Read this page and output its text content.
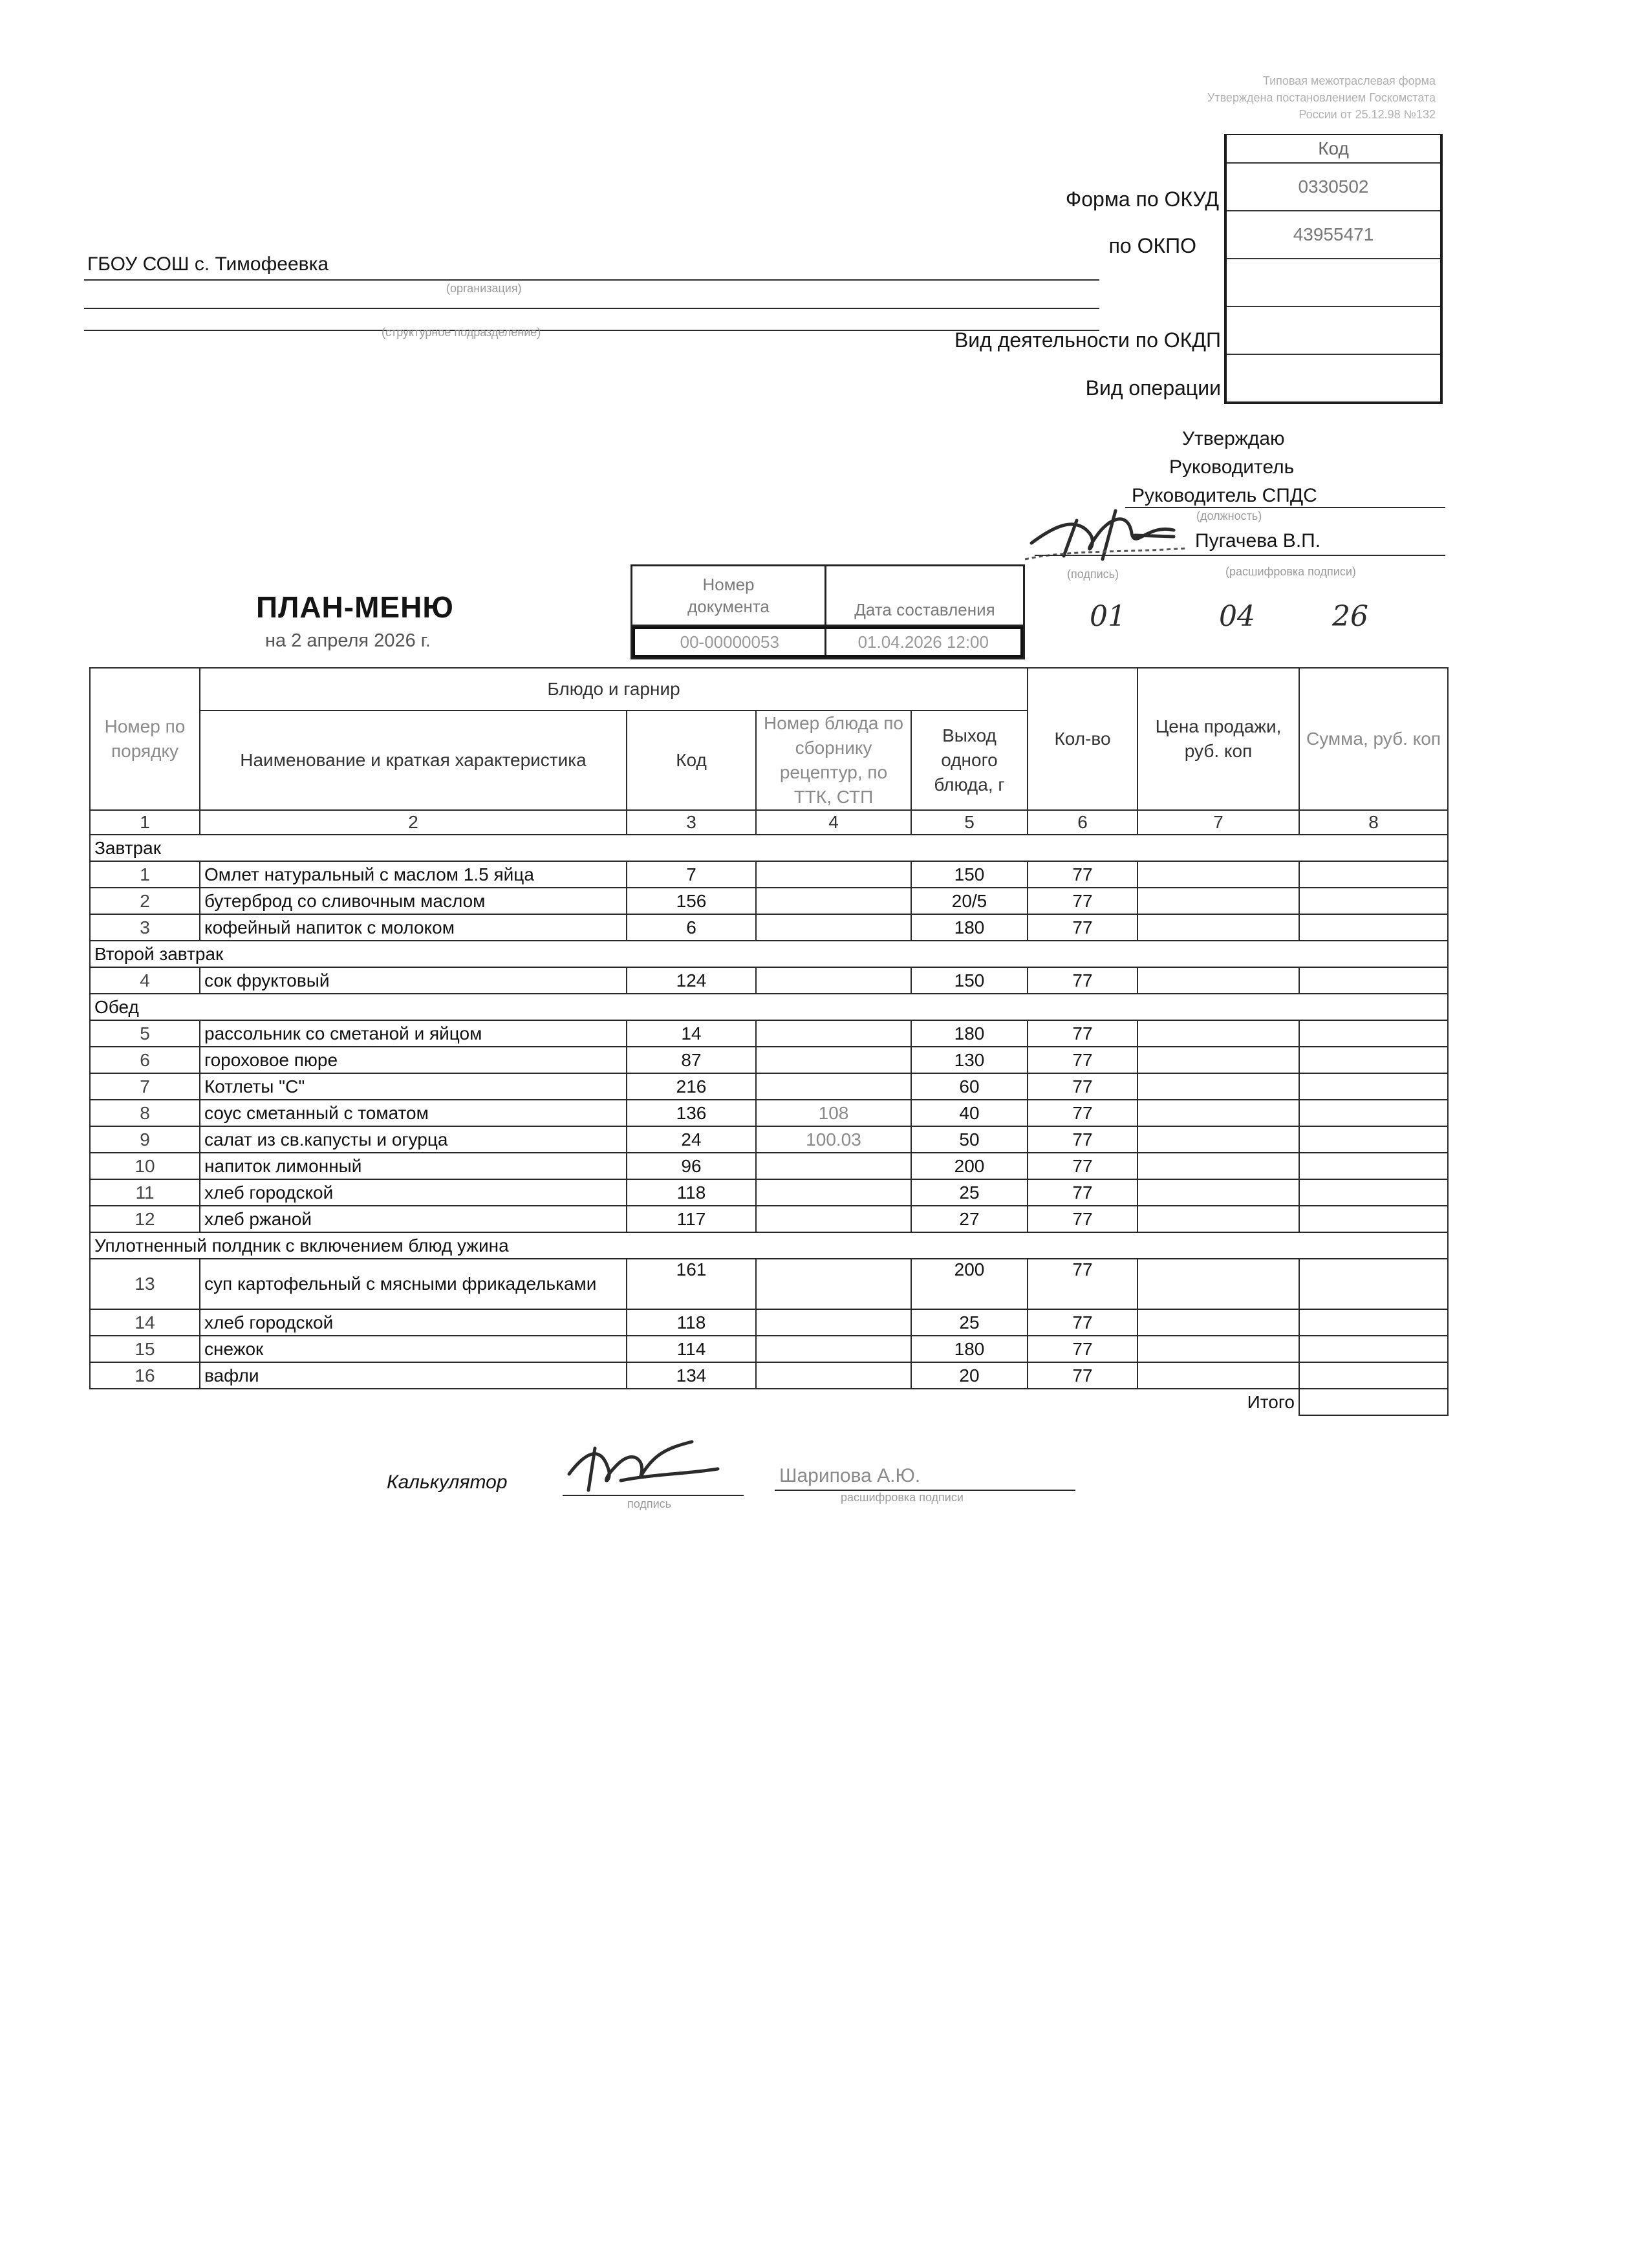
Типовая межотраслевая форма
Утверждена постановлением Госкомстата
России от 25.12.98 №132
Код
0330502
43955471
Форма по ОКУД
по ОКПО
Вид деятельности по ОКДП
Вид операции
ГБОУ СОШ с. Тимофеевка
(организация)
(структурное подразделение)
Утверждаю
Руководитель
Руководитель СПДС
(должность)
Пугачева В.П.
(подпись)	(расшифровка подписи)
01	04	26
ПЛАН-МЕНЮ
на 2 апреля 2026 г.
Номер документа	Дата составления
00-00000053	01.04.2026 12:00
Номер по порядку	Блюдо и гарнир				Кол-во	Цена продажи, руб. коп	Сумма, руб. коп
	Наименование и краткая характеристика	Код	Номер блюда по сборнику рецептур, по ТТК, СТП	Выход одного блюда, г			
1	2	3	4	5	6	7	8
Завтрак							
1	Омлет натуральный с маслом 1.5 яйца	7		150	77		
2	бутерброд со сливочным маслом	156		20/5	77		
3	кофейный напиток с молоком	6		180	77		
Второй завтрак							
4	сок фруктовый	124		150	77		
Обед							
5	рассольник со сметаной и яйцом	14		180	77		
6	гороховое пюре	87		130	77		
7	Котлеты "С"	216		60	77		
8	соус сметанный с томатом	136	108	40	77		
9	салат из св.капусты и огурца	24	100.03	50	77		
10	напиток лимонный	96		200	77		
11	хлеб городской	118		25	77		
12	хлеб ржаной	117		27	77		
Уплотненный полдник с включением блюд ужина							
13	суп картофельный с мясными фрикадельками	161		200	77		
14	хлеб городской	118		25	77		
15	снежок	114		180	77		
16	вафли	134		20	77		
						Итого	
Калькулятор
подпись
Шарипова А.Ю.
расшифровка подписи
